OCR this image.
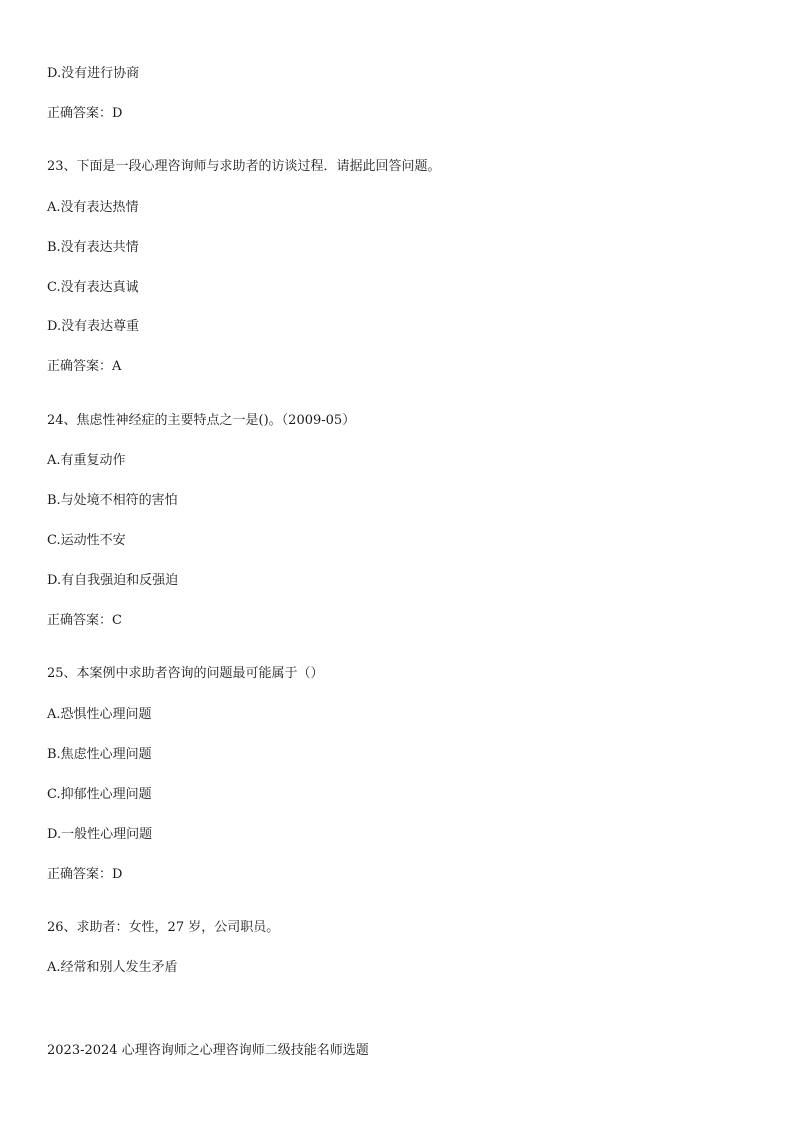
D.没有进行协商
正确答案：D
23、下面是一段心理咨询师与求助者的访谈过程．请据此回答问题。
A.没有表达热情
B.没有表达共情
C.没有表达真诚
D.没有表达尊重
正确答案：A
24、焦虑性神经症的主要特点之一是()。（2009-05）
A.有重复动作
B.与处境不相符的害怕
C.运动性不安
D.有自我强迫和反强迫
正确答案：C
25、本案例中求助者咨询的问题最可能属于（）
A.恐惧性心理问题
B.焦虑性心理问题
C.抑郁性心理问题
D.一般性心理问题
正确答案：D
26、求助者：女性，27 岁，公司职员。
A.经常和别人发生矛盾
2023-2024 心理咨询师之心理咨询师二级技能名师选题
